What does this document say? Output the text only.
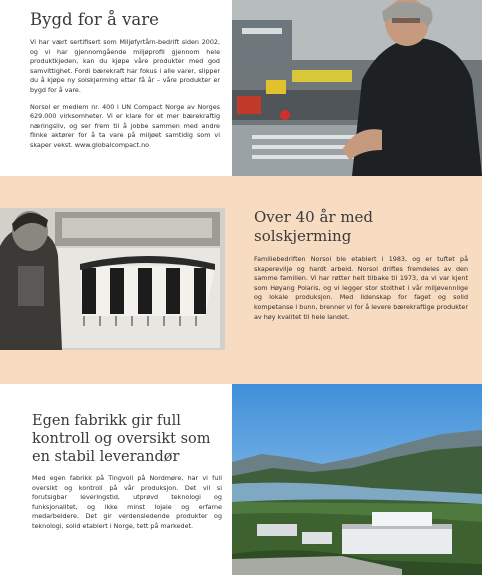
Bygd for å vare

Vi har vært sertifisert som Miljøfyrtårn-bedrift siden 2002, og vi har gjennomgående miljøprofil gjennom hele produktkjeden, kan du kjøpe våre produkter med god samvittighet. Fordi bærekraft har fokus i alle varer, slipper du å kjøpe ny solskjerming etter få år – våre produkter er bygd for å vare.

Norsol er medlem nr. 400 i UN Compact Norge av Norges 629.000 virksomheter. Vi er klare for et mer bærekraftig næringsliv, og ser frem til å jobbe sammen med andre flinke aktører for å ta vare på miljøet samtidig som vi skaper vekst. www.globalcompact.no

Over 40 år med solskjerming

Familiebedriften Norsol ble etablert i 1983, og er tuftet på skaperevilje og hardt arbeid. Norsol driftes fremdeles av den samme familien. Vi har røtter helt tilbake til 1973, da vi var kjent som Høyang Polaris, og vi legger stor stolthet i vår miljøvennlige og lokale produksjon. Med lidenskap for faget og solid kompetanse i bunn, brenner vi for å levere bærekraftige produkter av høy kvalitet til hele landet.

Egen fabrikk gir full kontroll og oversikt som en stabil leverandør

Med egen fabrikk på Tingvoll på Nordmøre, har vi full oversikt og kontroll på vår produksjon. Det vil si forutsigbar leveringstid, utprøvd teknologi og funksjonalitet, og ikke minst lojale og erfarne medarbeidere. Det gir verdensledende produkter og teknologi, solid etablert i Norge, tett på markedet.
